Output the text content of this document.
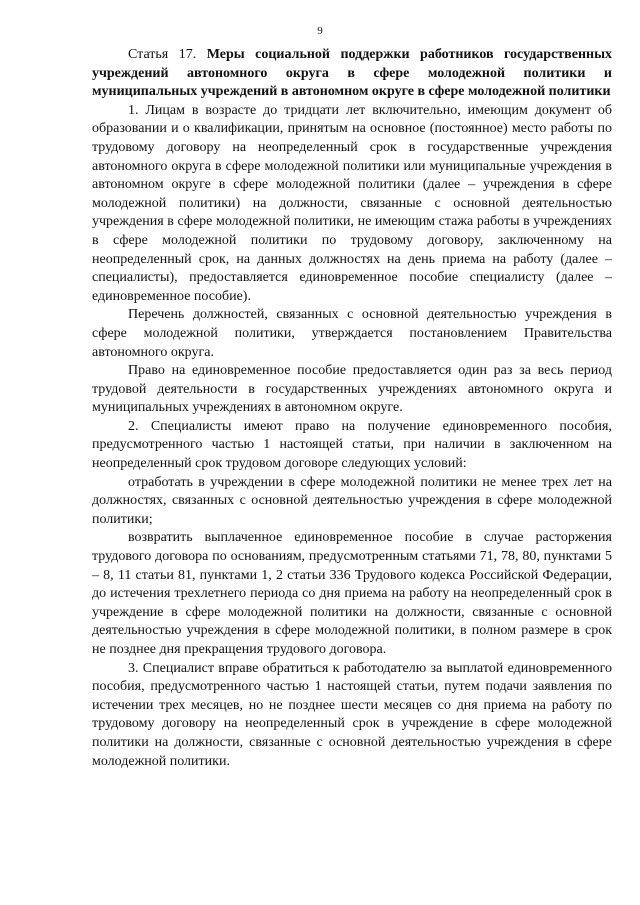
9

Статья 17. Меры социальной поддержки работников государственных учреждений автономного округа в сфере молодежной политики и муниципальных учреждений в автономном округе в сфере молодежной политики

1. Лицам в возрасте до тридцати лет включительно, имеющим документ об образовании и о квалификации, принятым на основное (постоянное) место работы по трудовому договору на неопределенный срок в государственные учреждения автономного округа в сфере молодежной политики или муниципальные учреждения в автономном округе в сфере молодежной политики (далее – учреждения в сфере молодежной политики) на должности, связанные с основной деятельностью учреждения в сфере молодежной политики, не имеющим стажа работы в учреждениях в сфере молодежной политики по трудовому договору, заключенному на неопределенный срок, на данных должностях на день приема на работу (далее – специалисты), предоставляется единовременное пособие специалисту (далее – единовременное пособие).

Перечень должностей, связанных с основной деятельностью учреждения в сфере молодежной политики, утверждается постановлением Правительства автономного округа.

Право на единовременное пособие предоставляется один раз за весь период трудовой деятельности в государственных учреждениях автономного округа и муниципальных учреждениях в автономном округе.

2. Специалисты имеют право на получение единовременного пособия, предусмотренного частью 1 настоящей статьи, при наличии в заключенном на неопределенный срок трудовом договоре следующих условий:

отработать в учреждении в сфере молодежной политики не менее трех лет на должностях, связанных с основной деятельностью учреждения в сфере молодежной политики;

возвратить выплаченное единовременное пособие в случае расторжения трудового договора по основаниям, предусмотренным статьями 71, 78, 80, пунктами 5 – 8, 11 статьи 81, пунктами 1, 2 статьи 336 Трудового кодекса Российской Федерации, до истечения трехлетнего периода со дня приема на работу на неопределенный срок в учреждение в сфере молодежной политики на должности, связанные с основной деятельностью учреждения в сфере молодежной политики, в полном размере в срок не позднее дня прекращения трудового договора.

3. Специалист вправе обратиться к работодателю за выплатой единовременного пособия, предусмотренного частью 1 настоящей статьи, путем подачи заявления по истечении трех месяцев, но не позднее шести месяцев со дня приема на работу по трудовому договору на неопределенный срок в учреждение в сфере молодежной политики на должности, связанные с основной деятельностью учреждения в сфере молодежной политики.
